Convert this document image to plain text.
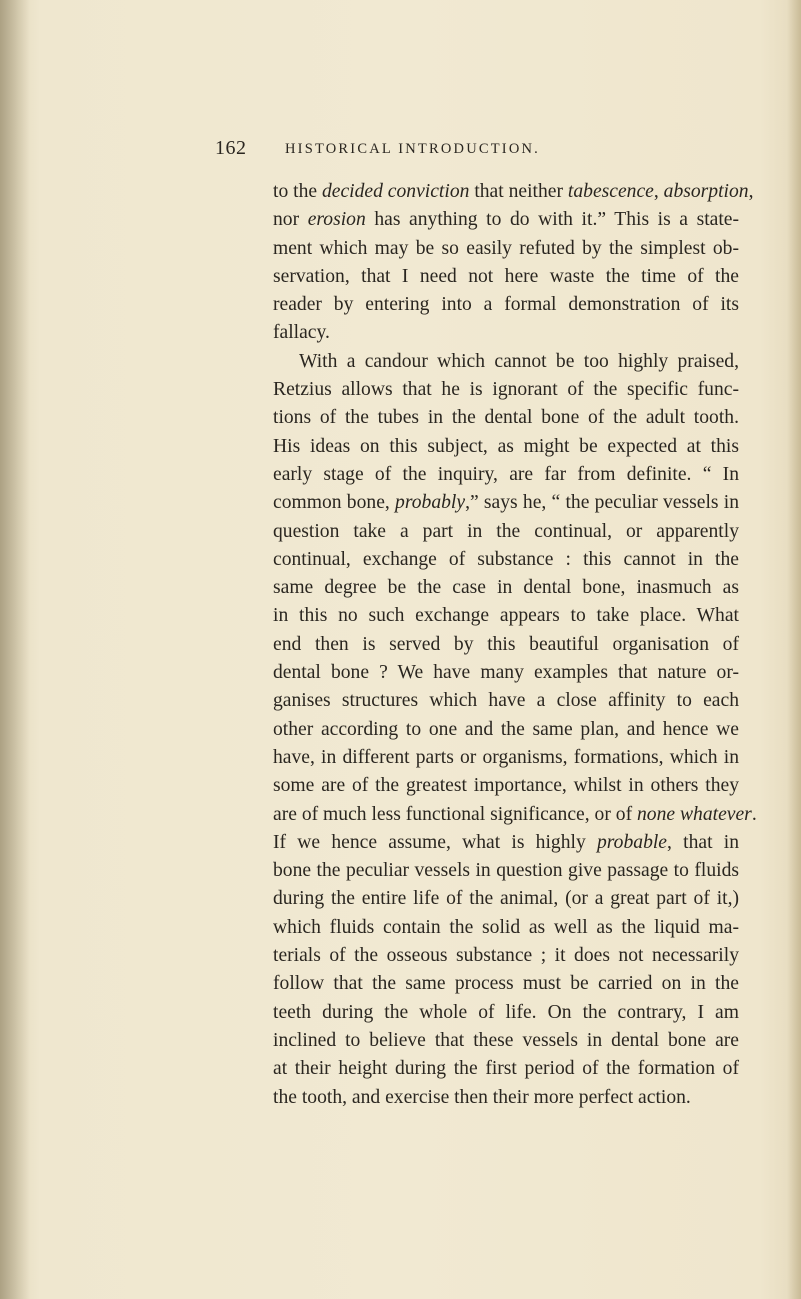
162	HISTORICAL INTRODUCTION.
to the decided conviction that neither tabescence, absorption,
nor erosion has anything to do with it.” This is a state-
ment which may be so easily refuted by the simplest ob-
servation, that I need not here waste the time of the
reader by entering into a formal demonstration of its
fallacy.
With a candour which cannot be too highly praised,
Retzius allows that he is ignorant of the specific func-
tions of the tubes in the dental bone of the adult tooth.
His ideas on this subject, as might be expected at this
early stage of the inquiry, are far from definite. “ In
common bone, probably,” says he, “ the peculiar vessels in
question take a part in the continual, or apparently
continual, exchange of substance : this cannot in the
same degree be the case in dental bone, inasmuch as
in this no such exchange appears to take place. What
end then is served by this beautiful organisation of
dental bone ? We have many examples that nature or-
ganises structures which have a close affinity to each
other according to one and the same plan, and hence we
have, in different parts or organisms, formations, which in
some are of the greatest importance, whilst in others they
are of much less functional significance, or of none whatever.
If we hence assume, what is highly probable, that in
bone the peculiar vessels in question give passage to fluids
during the entire life of the animal, (or a great part of it,)
which fluids contain the solid as well as the liquid ma-
terials of the osseous substance ; it does not necessarily
follow that the same process must be carried on in the
teeth during the whole of life. On the contrary, I am
inclined to believe that these vessels in dental bone are
at their height during the first period of the formation of
the tooth, and exercise then their more perfect action.
